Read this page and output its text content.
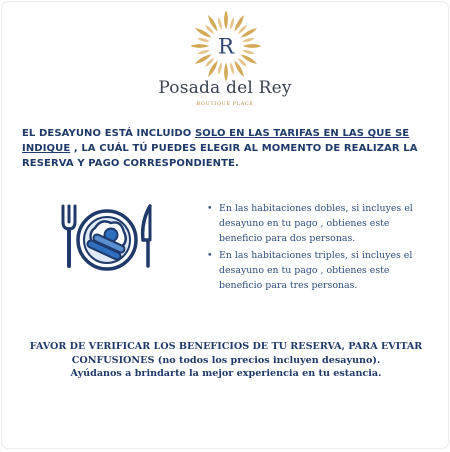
R
Posada del Rey
BOUTIQUE PLACE
EL DESAYUNO ESTÁ INCLUIDO SOLO EN LAS TARIFAS EN LAS QUE SE INDIQUE , LA CUÁL TÚ PUEDES ELEGIR AL MOMENTO DE REALIZAR LA RESERVA Y PAGO CORRESPONDIENTE.
• En las habitaciones dobles, si incluyes el desayuno en tu pago , obtienes este beneficio para dos personas.
• En las habitaciones triples, si incluyes el desayuno en tu pago , obtienes este beneficio para tres personas.
FAVOR DE VERIFICAR LOS BENEFICIOS DE TU RESERVA, PARA EVITAR CONFUSIONES (no todos los precios incluyen desayuno).
Ayúdanos a brindarte la mejor experiencia en tu estancia.
